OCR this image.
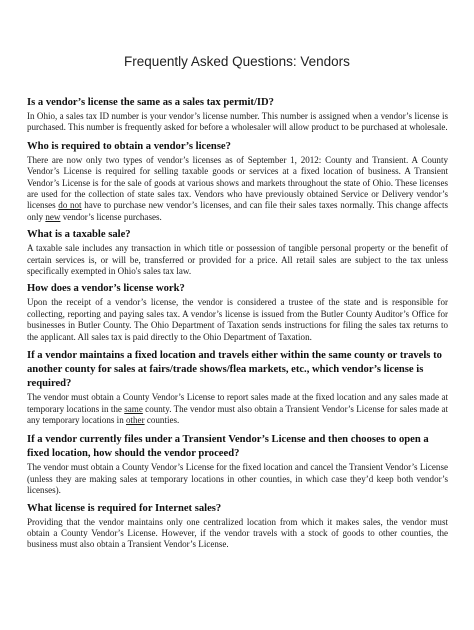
Frequently Asked Questions: Vendors

Is a vendor’s license the same as a sales tax permit/ID?

In Ohio, a sales tax ID number is your vendor’s license number. This number is assigned when a vendor’s license is purchased. This number is frequently asked for before a wholesaler will allow product to be purchased at wholesale.

Who is required to obtain a vendor’s license?

There are now only two types of vendor’s licenses as of September 1, 2012: County and Transient. A County Vendor’s License is required for selling taxable goods or services at a fixed location of business. A Transient Vendor’s License is for the sale of goods at various shows and markets throughout the state of Ohio. These licenses are used for the collection of state sales tax. Vendors who have previously obtained Service or Delivery vendor’s licenses do not have to purchase new vendor’s licenses, and can file their sales taxes normally. This change affects only new vendor’s license purchases.

What is a taxable sale?

A taxable sale includes any transaction in which title or possession of tangible personal property or the benefit of certain services is, or will be, transferred or provided for a price. All retail sales are subject to the tax unless specifically exempted in Ohio's sales tax law.

How does a vendor’s license work?

Upon the receipt of a vendor’s license, the vendor is considered a trustee of the state and is responsible for collecting, reporting and paying sales tax. A vendor’s license is issued from the Butler County Auditor’s Office for businesses in Butler County. The Ohio Department of Taxation sends instructions for filing the sales tax returns to the applicant. All sales tax is paid directly to the Ohio Department of Taxation.

If a vendor maintains a fixed location and travels either within the same county or travels to another county for sales at fairs/trade shows/flea markets, etc., which vendor’s license is required?

The vendor must obtain a County Vendor’s License to report sales made at the fixed location and any sales made at temporary locations in the same county. The vendor must also obtain a Transient Vendor’s License for sales made at any temporary locations in other counties.

If a vendor currently files under a Transient Vendor’s License and then chooses to open a fixed location, how should the vendor proceed?

The vendor must obtain a County Vendor’s License for the fixed location and cancel the Transient Vendor’s License (unless they are making sales at temporary locations in other counties, in which case they’d keep both vendor’s licenses).

What license is required for Internet sales?

Providing that the vendor maintains only one centralized location from which it makes sales, the vendor must obtain a County Vendor’s License. However, if the vendor travels with a stock of goods to other counties, the business must also obtain a Transient Vendor’s License.
